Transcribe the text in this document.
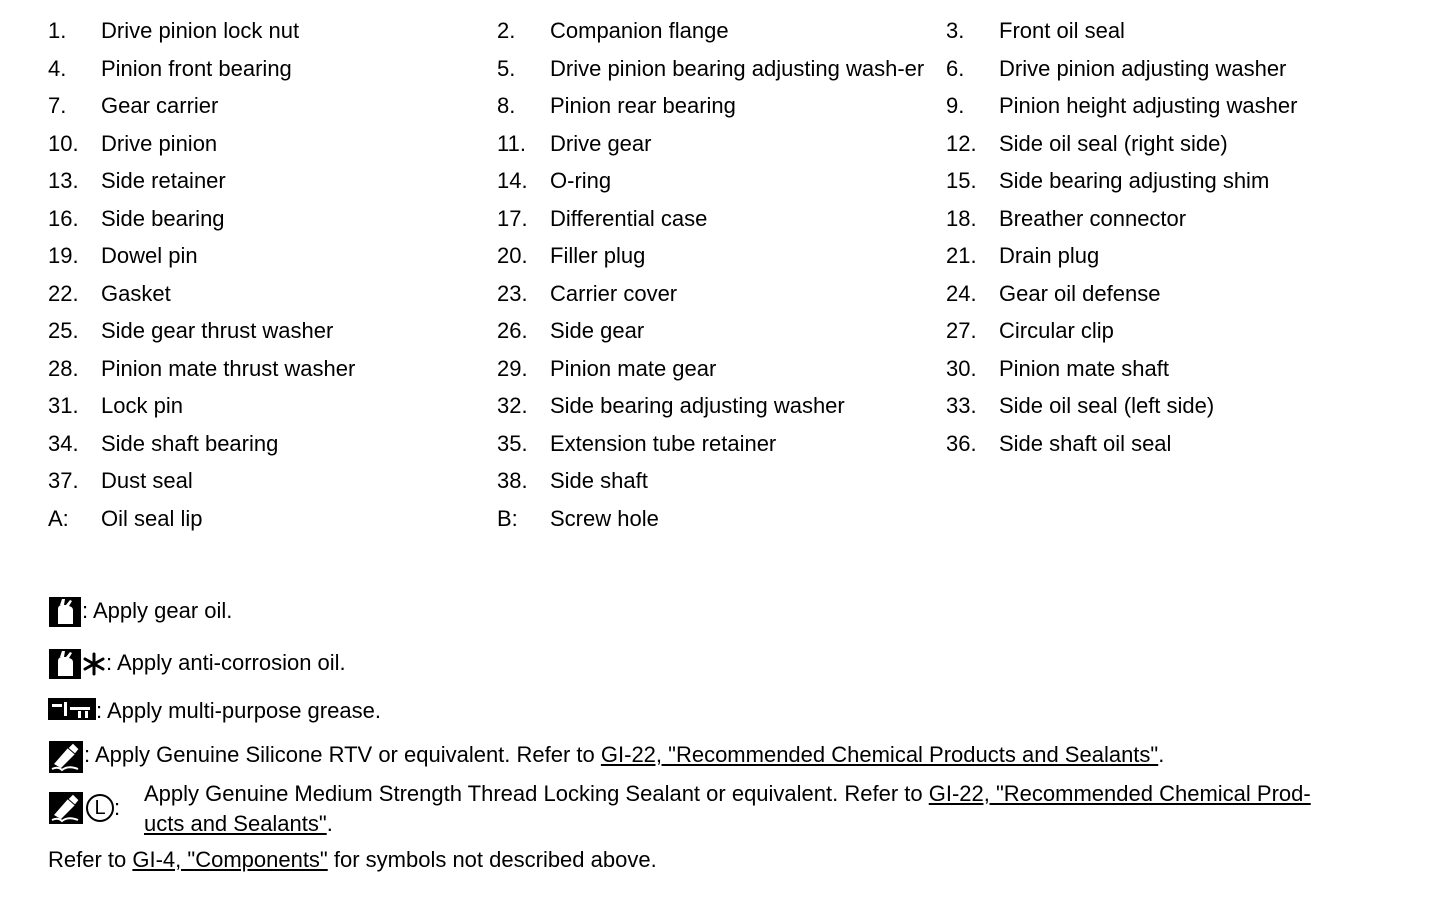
1.	Drive pinion lock nut	2.	Companion flange	3.	Front oil seal
4.	Pinion front bearing	5.	Drive pinion bearing adjusting wash-er 6.	Drive pinion adjusting washer
7.	Gear carrier	8.	Pinion rear bearing	9.	Pinion height adjusting washer
10.	Drive pinion	11.	Drive gear	12.	Side oil seal (right side)
13.	Side retainer	14.	O-ring	15.	Side bearing adjusting shim
16.	Side bearing	17.	Differential case	18.	Breather connector
19.	Dowel pin	20.	Filler plug	21.	Drain plug
22.	Gasket	23.	Carrier cover	24.	Gear oil defense
25.	Side gear thrust washer	26.	Side gear	27.	Circular clip
28.	Pinion mate thrust washer	29.	Pinion mate gear	30.	Pinion mate shaft
31.	Lock pin	32.	Side bearing adjusting washer	33.	Side oil seal (left side)
34.	Side shaft bearing	35.	Extension tube retainer	36.	Side shaft oil seal
37.	Dust seal	38.	Side shaft
A:	Oil seal lip	B:	Screw hole
: Apply gear oil.
: Apply anti-corrosion oil.
: Apply multi-purpose grease.
: Apply Genuine Silicone RTV or equivalent. Refer to GI-22, "Recommended Chemical Products and Sealants".
L :
Apply Genuine Medium Strength Thread Locking Sealant or equivalent. Refer to GI-22, "Recommended Chemical Prod-
ucts and Sealants".
Refer to GI-4, "Components" for symbols not described above.
